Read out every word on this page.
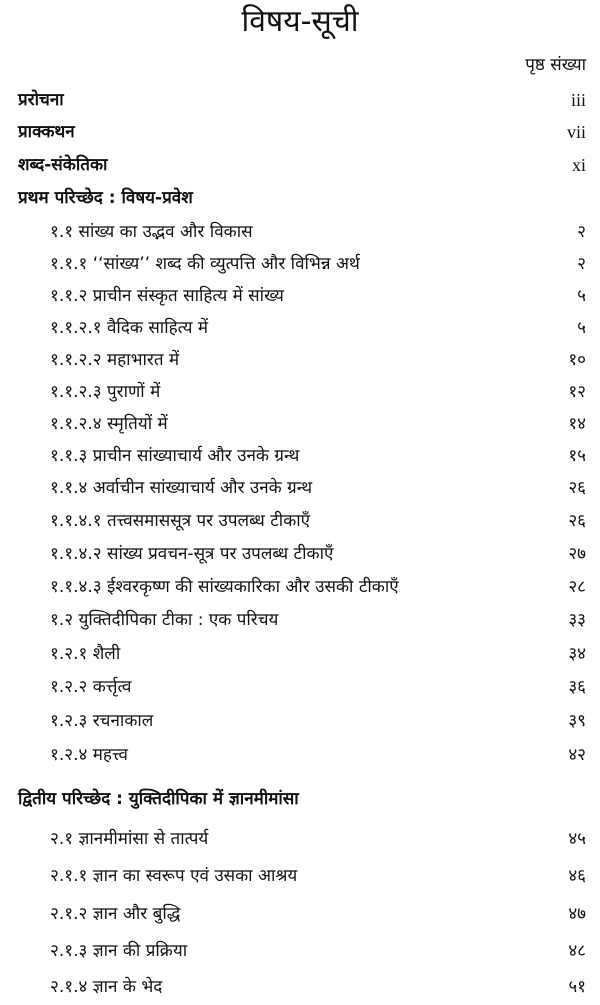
विषय-सूची
पृष्ठ संख्या
प्ररोचना	iii
प्राक्कथन	vii
शब्द-संकेतिका	xi
प्रथम परिच्छेद : विषय-प्रवेश
१.१ सांख्य का उद्भव और विकास	२
१.१.१ ‘‘सांख्य’’ शब्द की व्युत्पत्ति और विभिन्न अर्थ	२
१.१.२ प्राचीन संस्कृत साहित्य में सांख्य	५
१.१.२.१ वैदिक साहित्य में	५
१.१.२.२ महाभारत में	१०
१.१.२.३ पुराणों में	१२
१.१.२.४ स्मृतियों में	१४
१.१.३ प्राचीन सांख्याचार्य और उनके ग्रन्थ	१५
१.१.४ अर्वाचीन सांख्याचार्य और उनके ग्रन्थ	२६
१.१.४.१ तत्त्वसमाससूत्र पर उपलब्ध टीकाएँ	२६
१.१.४.२ सांख्य प्रवचन-सूत्र पर उपलब्ध टीकाएँ	२७
१.१.४.३ ईश्वरकृष्ण की सांख्यकारिका और उसकी टीकाएँ	२८
१.२ युक्तिदीपिका टीका : एक परिचय	३३
१.२.१ शैली	३४
१.२.२ कर्त्तृत्व	३६
१.२.३ रचनाकाल	३९
१.२.४ महत्त्व	४२
द्वितीय परिच्छेद : युक्तिदीपिका में ज्ञानमीमांसा
२.१ ज्ञानमीमांसा से तात्पर्य	४५
२.१.१ ज्ञान का स्वरूप एवं उसका आश्रय	४६
२.१.२ ज्ञान और बुद्धि	४७
२.१.३ ज्ञान की प्रक्रिया	४८
२.१.४ ज्ञान के भेद	५१
